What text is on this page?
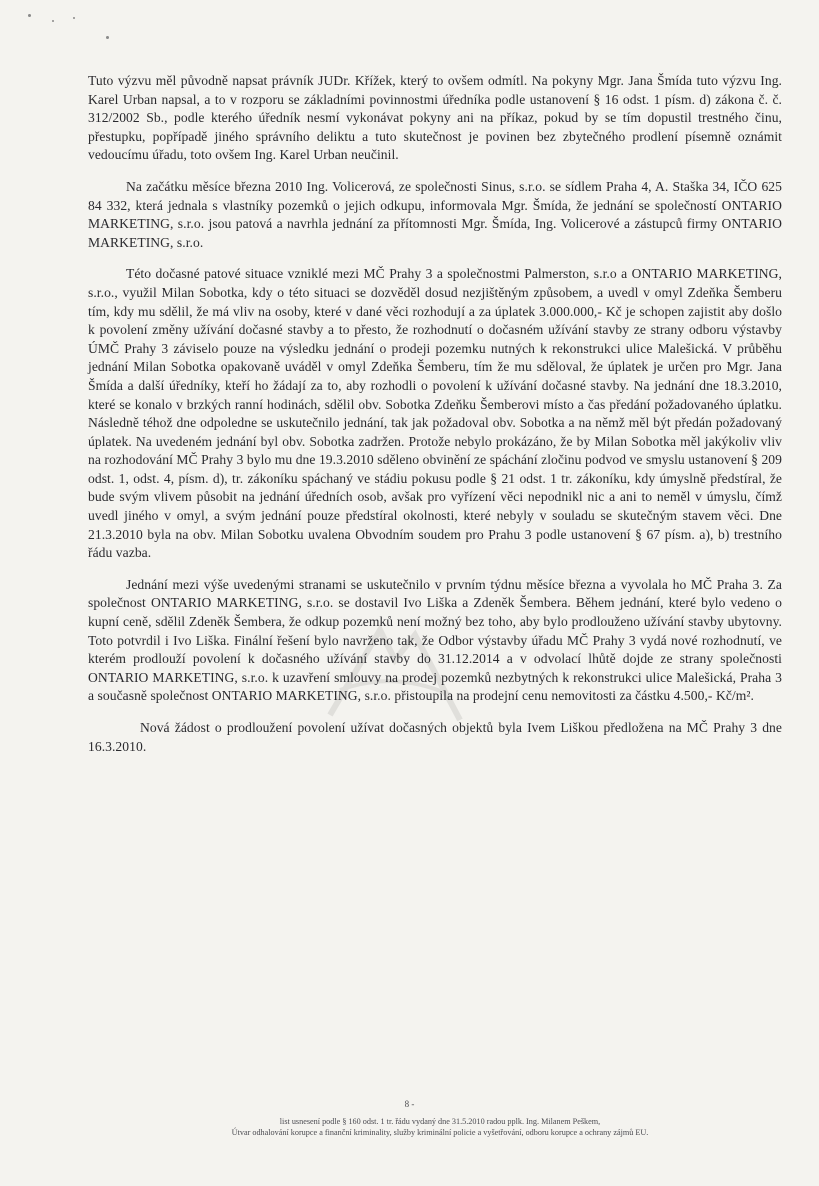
Tuto výzvu měl původně napsat právník JUDr. Křížek, který to ovšem odmítl. Na pokyny Mgr. Jana Šmída tuto výzvu Ing. Karel Urban napsal, a to v rozporu se základními povinnostmi úředníka podle ustanovení § 16 odst. 1 písm. d) zákona č. č. 312/2002 Sb., podle kterého úředník nesmí vykonávat pokyny ani na příkaz, pokud by se tím dopustil trestného činu, přestupku, popřípadě jiného správního deliktu a tuto skutečnost je povinen bez zbytečného prodlení písemně oznámit vedoucímu úřadu, toto ovšem Ing. Karel Urban neučinil.

Na začátku měsíce března 2010 Ing. Volicerová, ze společnosti Sinus, s.r.o. se sídlem Praha 4, A. Staška 34, IČO 625 84 332, která jednala s vlastníky pozemků o jejich odkupu, informovala Mgr. Šmída, že jednání se společností ONTARIO MARKETING, s.r.o. jsou patová a navrhla jednání za přítomnosti Mgr. Šmída, Ing. Volicerové a zástupců firmy ONTARIO MARKETING, s.r.o.

Této dočasné patové situace vzniklé mezi MČ Prahy 3 a společnostmi Palmerston, s.r.o a ONTARIO MARKETING, s.r.o., využil Milan Sobotka, kdy o této situaci se dozvěděl dosud nezjištěným způsobem, a uvedl v omyl Zdeňka Šemberu tím, kdy mu sdělil, že má vliv na osoby, které v dané věci rozhodují a za úplatek 3.000.000,- Kč je schopen zajistit aby došlo k povolení změny užívání dočasné stavby a to přesto, že rozhodnutí o dočasném užívání stavby ze strany odboru výstavby ÚMČ Prahy 3 záviselo pouze na výsledku jednání o prodeji pozemku nutných k rekonstrukci ulice Malešická. V průběhu jednání Milan Sobotka opakovaně uváděl v omyl Zdeňka Šemberu, tím že mu sděloval, že úplatek je určen pro Mgr. Jana Šmída a další úředníky, kteří ho žádají za to, aby rozhodli o povolení k užívání dočasné stavby. Na jednání dne 18.3.2010, které se konalo v brzkých ranní hodinách, sdělil obv. Sobotka Zdeňku Šemberovi místo a čas předání požadovaného úplatku. Následně téhož dne odpoledne se uskutečnilo jednání, tak jak požadoval obv. Sobotka a na němž měl být předán požadovaný úplatek. Na uvedeném jednání byl obv. Sobotka zadržen. Protože nebylo prokázáno, že by Milan Sobotka měl jakýkoliv vliv na rozhodování MČ Prahy 3 bylo mu dne 19.3.2010 sděleno obvinění ze spáchání zločinu podvod ve smyslu ustanovení § 209 odst. 1, odst. 4, písm. d), tr. zákoníku spáchaný ve stádiu pokusu podle § 21 odst. 1 tr. zákoníku, kdy úmyslně předstíral, že bude svým vlivem působit na jednání úředních osob, avšak pro vyřízení věci nepodnikl nic a ani to neměl v úmyslu, čímž uvedl jiného v omyl, a svým jednání pouze předstíral okolnosti, které nebyly v souladu se skutečným stavem věci. Dne 21.3.2010 byla na obv. Milan Sobotku uvalena Obvodním soudem pro Prahu 3 podle ustanovení § 67 písm. a), b) trestního řádu vazba.

Jednání mezi výše uvedenými stranami se uskutečnilo v prvním týdnu měsíce března a vyvolala ho MČ Praha 3. Za společnost ONTARIO MARKETING, s.r.o. se dostavil Ivo Liška a Zdeněk Šembera. Během jednání, které bylo vedeno o kupní ceně, sdělil Zdeněk Šembera, že odkup pozemků není možný bez toho, aby bylo prodlouženo užívání stavby ubytovny. Toto potvrdil i Ivo Liška. Finální řešení bylo navrženo tak, že Odbor výstavby úřadu MČ Prahy 3 vydá nové rozhodnutí, ve kterém prodlouží povolení k dočasného užívání stavby do 31.12.2014 a v odvolací lhůtě dojde ze strany společnosti ONTARIO MARKETING, s.r.o. k uzavření smlouvy na prodej pozemků nezbytných k rekonstrukci ulice Malešická, Praha 3 a současně společnost ONTARIO MARKETING, s.r.o. přistoupila na prodejní cenu nemovitosti za částku 4.500,- Kč/m².

Nová žádost o prodloužení povolení užívat dočasných objektů byla Ivem Liškou předložena na MČ Prahy 3 dne 16.3.2010.

8 -
list usnesení podle § 160 odst. 1 tr. řádu vydaný dne 31.5.2010 radou pplk. Ing. Milanem Peškem,
Útvar odhalování korupce a finanční kriminality, služby kriminální policie a vyšetřování, odboru korupce a ochrany zájmů EU.
